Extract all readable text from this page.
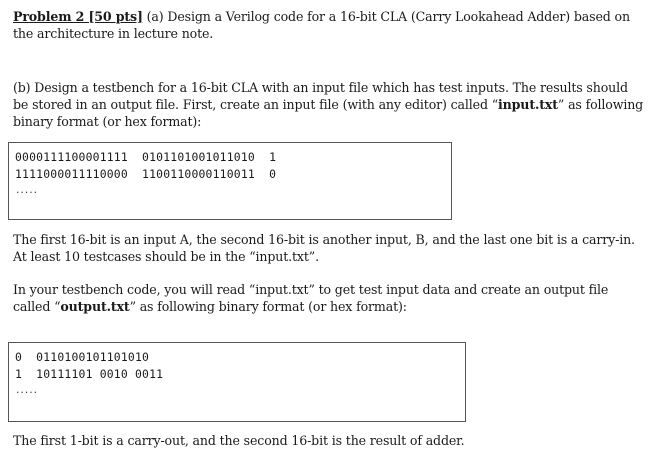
Problem 2 [50 pts] (a) Design a Verilog code for a 16-bit CLA (Carry Lookahead Adder) based on
the architecture in lecture note.

(b) Design a testbench for a 16-bit CLA with an input file which has test inputs. The results should
be stored in an output file. First, create an input file (with any editor) called “input.txt” as following
binary format (or hex format):

0000111100001111  0101101001011010  1
1111000011110000  1100110000110011  0
.....

The first 16-bit is an input A, the second 16-bit is another input, B, and the last one bit is a carry-in.
At least 10 testcases should be in the “input.txt”.

In your testbench code, you will read “input.txt” to get test input data and create an output file
called “output.txt” as following binary format (or hex format):

0  0110100101101010
1  10111101 0010 0011
.....

The first 1-bit is a carry-out, and the second 16-bit is the result of adder.
